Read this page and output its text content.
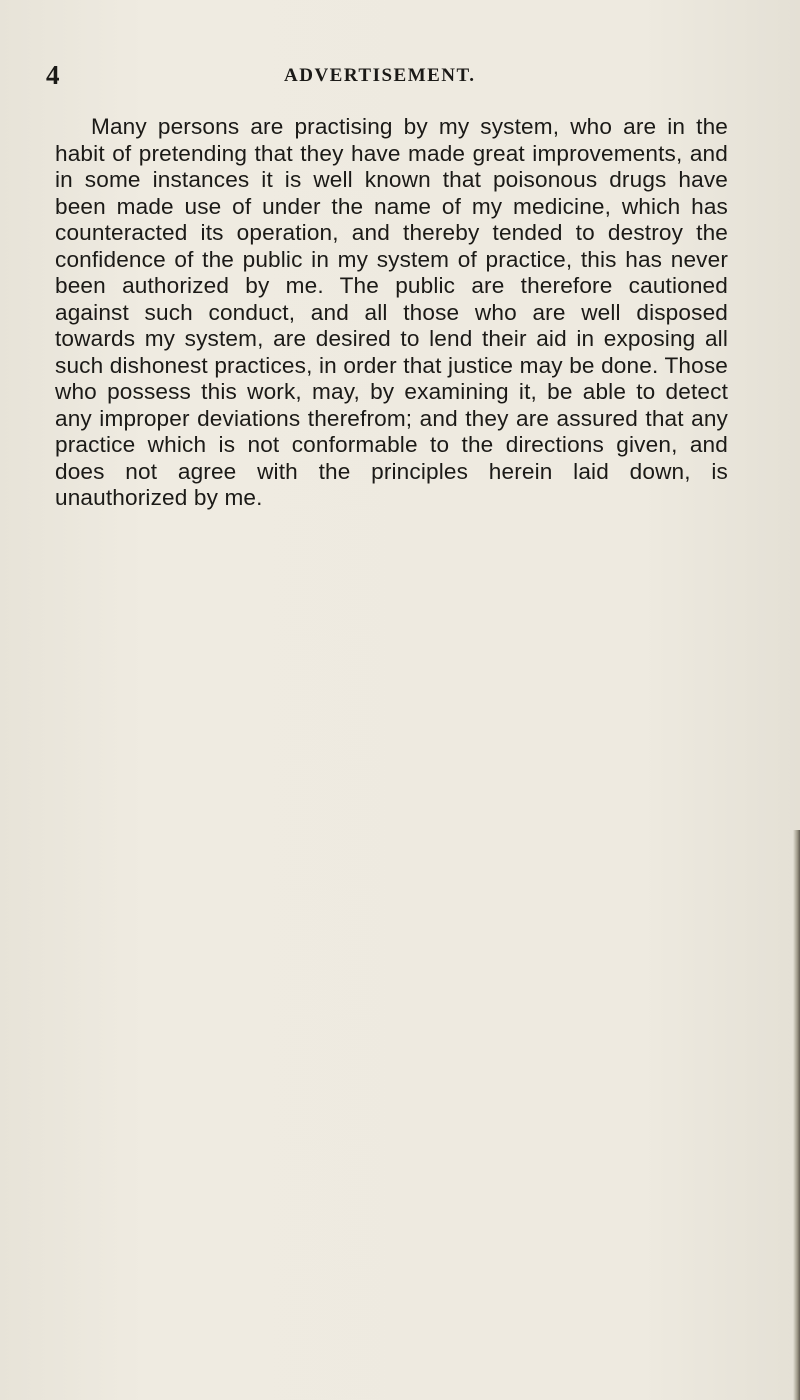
4	ADVERTISEMENT.

Many persons are practising by my system, who are in the habit of pretending that they have made great improvements, and in some instances it is well known that poisonous drugs have been made use of under the name of my medicine, which has counteracted its operation, and thereby tended to destroy the confidence of the public in my system of practice, this has never been authorized by me. The public are therefore cautioned against such conduct, and all those who are well disposed towards my system, are desired to lend their aid in exposing all such dishonest practices, in order that justice may be done. Those who possess this work, may, by examining it, be able to detect any improper deviations therefrom; and they are assured that any practice which is not conformable to the directions given, and does not agree with the principles herein laid down, is unauthorized by me.
